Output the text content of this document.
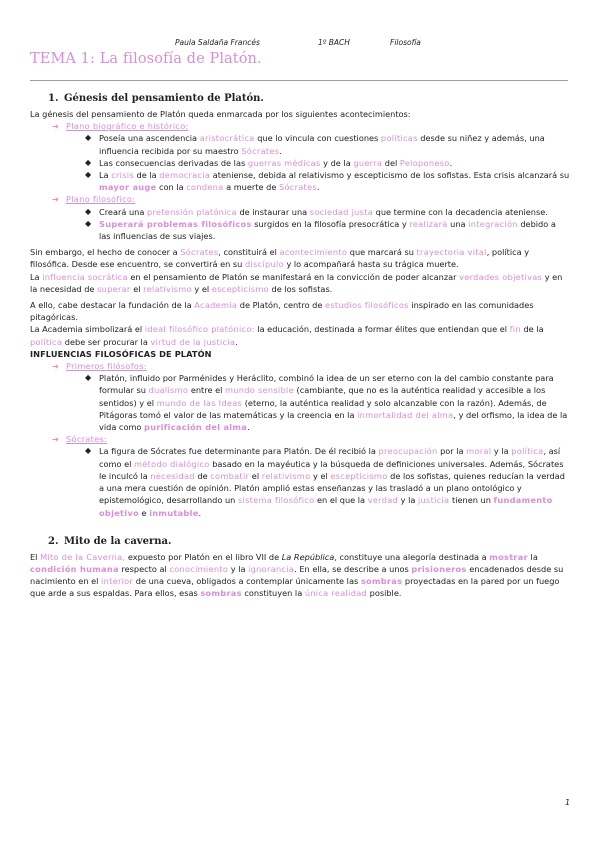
Paula Saldaña Francés	1º BACH	Filosofía
TEMA 1: La filosofía de Platón.
1. Génesis del pensamiento de Platón.

La génesis del pensamiento de Platón queda enmarcada por los siguientes acontecimientos:

➔ Plano biográfico e histórico:
◆ Poseía una ascendencia aristocrática que lo vincula con cuestiones políticas desde su niñez y además, una influencia recibida por su maestro Sócrates.
◆ Las consecuencias derivadas de las guerras médicas y de la guerra del Peloponeso.
◆ La crisis de la democracia ateniense, debida al relativismo y escepticismo de los sofistas. Esta crisis alcanzará su mayor auge con la condena a muerte de Sócrates.
➔ Plano filosófico:
◆ Creará una pretensión platónica de instaurar una sociedad justa que termine con la decadencia ateniense.
◆ Superará problemas filosóficos surgidos en la filosofía presocrática y realizará una integración debido a las influencias de sus viajes.

Sin embargo, el hecho de conocer a Sócrates, constituirá el acontecimiento que marcará su trayectoria vital, política y filosófica. Desde ese encuentro, se convertirá en su discípulo y lo acompañará hasta su trágica muerte.

La influencia socrática en el pensamiento de Platón se manifestará en la convicción de poder alcanzar verdades objetivas y en la necesidad de superar el relativismo y el escepticismo de los sofistas.

A ello, cabe destacar la fundación de la Academia de Platón, centro de estudios filosóficos inspirado en las comunidades pitagóricas.

La Academia simbolizará el ideal filosófico platónico: la educación, destinada a formar élites que entiendan que el fin de la política debe ser procurar la virtud de la justicia.

INFLUENCIAS FILOSÓFICAS DE PLATÓN

➔ Primeros filósofos:
◆ Platón, influido por Parménides y Heráclito, combinó la idea de un ser eterno con la del cambio constante para formular su dualismo entre el mundo sensible (cambiante, que no es la auténtica realidad y accesible a los sentidos) y el mundo de las Ideas (eterno, la auténtica realidad y solo alcanzable con la razón). Además, de Pitágoras tomó el valor de las matemáticas y la creencia en la inmortalidad del alma, y del orfismo, la idea de la vida como purificación del alma.
➔ Sócrates:
◆ La figura de Sócrates fue determinante para Platón. De él recibió la preocupación por la moral y la política, así como el método dialógico basado en la mayéutica y la búsqueda de definiciones universales. Además, Sócrates le inculcó la necesidad de combatir el relativismo y el escepticismo de los sofistas, quienes reducían la verdad a una mera cuestión de opinión. Platón amplió estas enseñanzas y las trasladó a un plano ontológico y epistemológico, desarrollando un sistema filosófico en el que la verdad y la justicia tienen un fundamento objetivo e inmutable.
2. Mito de la caverna.

El Mito de la Caverna, expuesto por Platón en el libro VII de La República, constituye una alegoría destinada a mostrar la condición humana respecto al conocimiento y la ignorancia. En ella, se describe a unos prisioneros encadenados desde su nacimiento en el interior de una cueva, obligados a contemplar únicamente las sombras proyectadas en la pared por un fuego que arde a sus espaldas. Para ellos, esas sombras constituyen la única realidad posible.

1
